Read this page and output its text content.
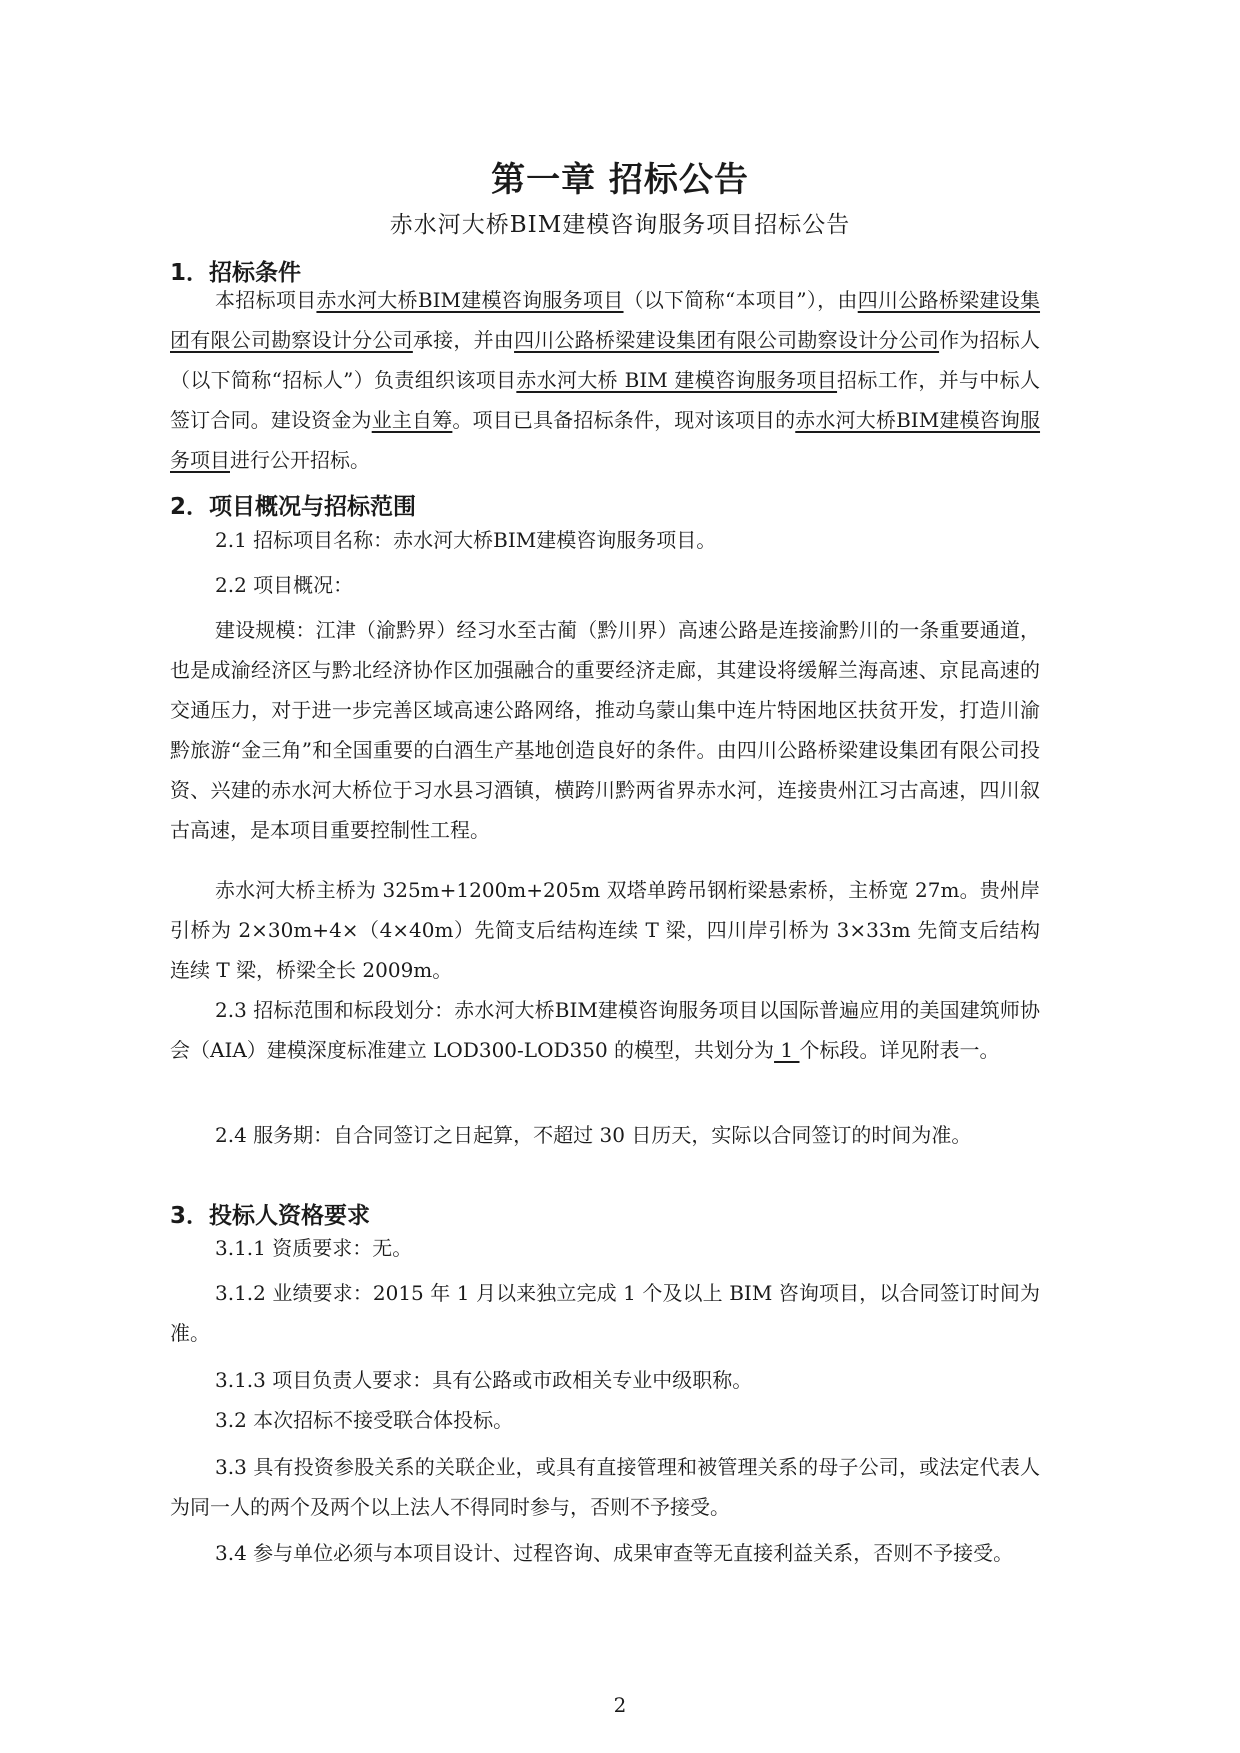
第一章 招标公告
赤水河大桥BIM建模咨询服务项目招标公告
1．招标条件
本招标项目赤水河大桥BIM建模咨询服务项目（以下简称“本项目”），由四川公路桥梁建设集团有限公司勘察设计分公司承接，并由四川公路桥梁建设集团有限公司勘察设计分公司作为招标人（以下简称“招标人”）负责组织该项目赤水河大桥 BIM 建模咨询服务项目招标工作，并与中标人签订合同。建设资金为业主自筹。项目已具备招标条件，现对该项目的赤水河大桥BIM建模咨询服务项目进行公开招标。
2．项目概况与招标范围
2.1 招标项目名称：赤水河大桥BIM建模咨询服务项目。
2.2 项目概况：
建设规模：江津（渝黔界）经习水至古蔺（黔川界）高速公路是连接渝黔川的一条重要通道，也是成渝经济区与黔北经济协作区加强融合的重要经济走廊，其建设将缓解兰海高速、京昆高速的交通压力，对于进一步完善区域高速公路网络，推动乌蒙山集中连片特困地区扶贫开发，打造川渝黔旅游“金三角”和全国重要的白酒生产基地创造良好的条件。由四川公路桥梁建设集团有限公司投资、兴建的赤水河大桥位于习水县习酒镇，横跨川黔两省界赤水河，连接贵州江习古高速，四川叙古高速，是本项目重要控制性工程。
赤水河大桥主桥为 325m+1200m+205m 双塔单跨吊钢桁梁悬索桥，主桥宽 27m。贵州岸引桥为 2×30m+4×（4×40m）先简支后结构连续 T 梁，四川岸引桥为 3×33m 先简支后结构连续 T 梁，桥梁全长 2009m。
2.3 招标范围和标段划分：赤水河大桥BIM建模咨询服务项目以国际普遍应用的美国建筑师协会（AIA）建模深度标准建立 LOD300-LOD350 的模型，共划分为 1 个标段。详见附表一。
2.4 服务期：自合同签订之日起算，不超过 30 日历天，实际以合同签订的时间为准。
3．投标人资格要求
3.1.1 资质要求：无。
3.1.2 业绩要求：2015 年 1 月以来独立完成 1 个及以上 BIM 咨询项目，以合同签订时间为准。
3.1.3 项目负责人要求：具有公路或市政相关专业中级职称。
3.2 本次招标不接受联合体投标。
3.3 具有投资参股关系的关联企业，或具有直接管理和被管理关系的母子公司，或法定代表人为同一人的两个及两个以上法人不得同时参与，否则不予接受。
3.4 参与单位必须与本项目设计、过程咨询、成果审查等无直接利益关系，否则不予接受。
2
